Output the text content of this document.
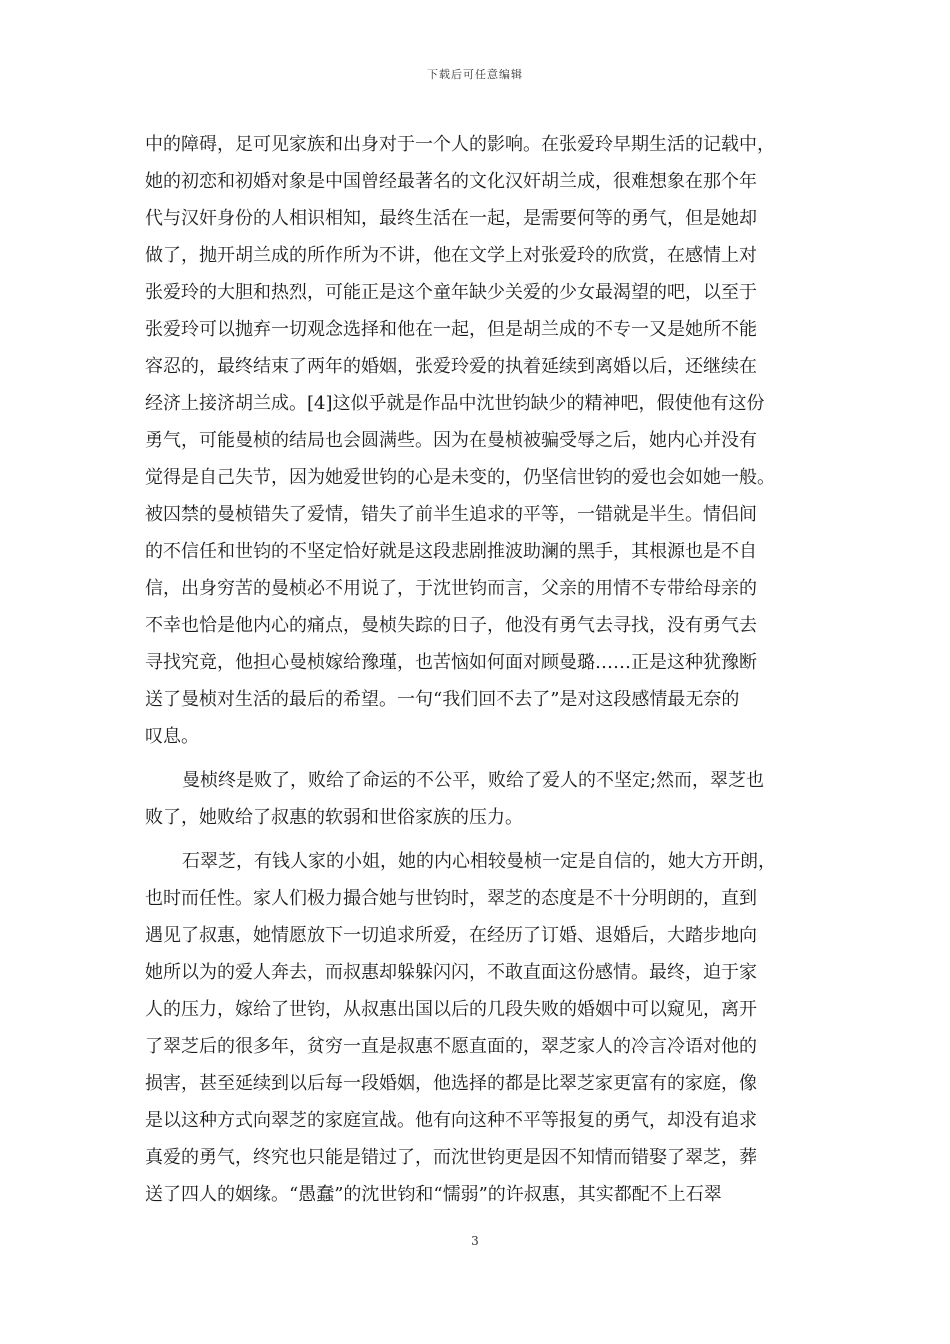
下载后可任意编辑
中的障碍，足可见家族和出身对于一个人的影响。在张爱玲早期生活的记载中，
她的初恋和初婚对象是中国曾经最著名的文化汉奸胡兰成，很难想象在那个年
代与汉奸身份的人相识相知，最终生活在一起，是需要何等的勇气，但是她却
做了，抛开胡兰成的所作所为不讲，他在文学上对张爱玲的欣赏，在感情上对
张爱玲的大胆和热烈，可能正是这个童年缺少关爱的少女最渴望的吧，以至于
张爱玲可以抛弃一切观念选择和他在一起，但是胡兰成的不专一又是她所不能
容忍的，最终结束了两年的婚姻，张爱玲爱的执着延续到离婚以后，还继续在
经济上接济胡兰成。[4]这似乎就是作品中沈世钧缺少的精神吧，假使他有这份
勇气，可能曼桢的结局也会圆满些。因为在曼桢被骗受辱之后，她内心并没有
觉得是自己失节，因为她爱世钧的心是未变的，仍坚信世钧的爱也会如她一般。
被囚禁的曼桢错失了爱情，错失了前半生追求的平等，一错就是半生。情侣间
的不信任和世钧的不坚定恰好就是这段悲剧推波助澜的黑手，其根源也是不自
信，出身穷苦的曼桢必不用说了，于沈世钧而言，父亲的用情不专带给母亲的
不幸也恰是他内心的痛点，曼桢失踪的日子，他没有勇气去寻找，没有勇气去
寻找究竟，他担心曼桢嫁给豫瑾，也苦恼如何面对顾曼璐……正是这种犹豫断
送了曼桢对生活的最后的希望。一句“我们回不去了”是对这段感情最无奈的
叹息。
曼桢终是败了，败给了命运的不公平，败给了爱人的不坚定;然而，翠芝也
败了，她败给了叔惠的软弱和世俗家族的压力。
石翠芝，有钱人家的小姐，她的内心相较曼桢一定是自信的，她大方开朗，
也时而任性。家人们极力撮合她与世钧时，翠芝的态度是不十分明朗的，直到
遇见了叔惠，她情愿放下一切追求所爱，在经历了订婚、退婚后，大踏步地向
她所以为的爱人奔去，而叔惠却躲躲闪闪，不敢直面这份感情。最终，迫于家
人的压力，嫁给了世钧，从叔惠出国以后的几段失败的婚姻中可以窥见，离开
了翠芝后的很多年，贫穷一直是叔惠不愿直面的，翠芝家人的冷言冷语对他的
损害，甚至延续到以后每一段婚姻，他选择的都是比翠芝家更富有的家庭，像
是以这种方式向翠芝的家庭宣战。他有向这种不平等报复的勇气，却没有追求
真爱的勇气，终究也只能是错过了，而沈世钧更是因不知情而错娶了翠芝，葬
送了四人的姻缘。“愚蠢”的沈世钧和“懦弱”的许叔惠，其实都配不上石翠
3
